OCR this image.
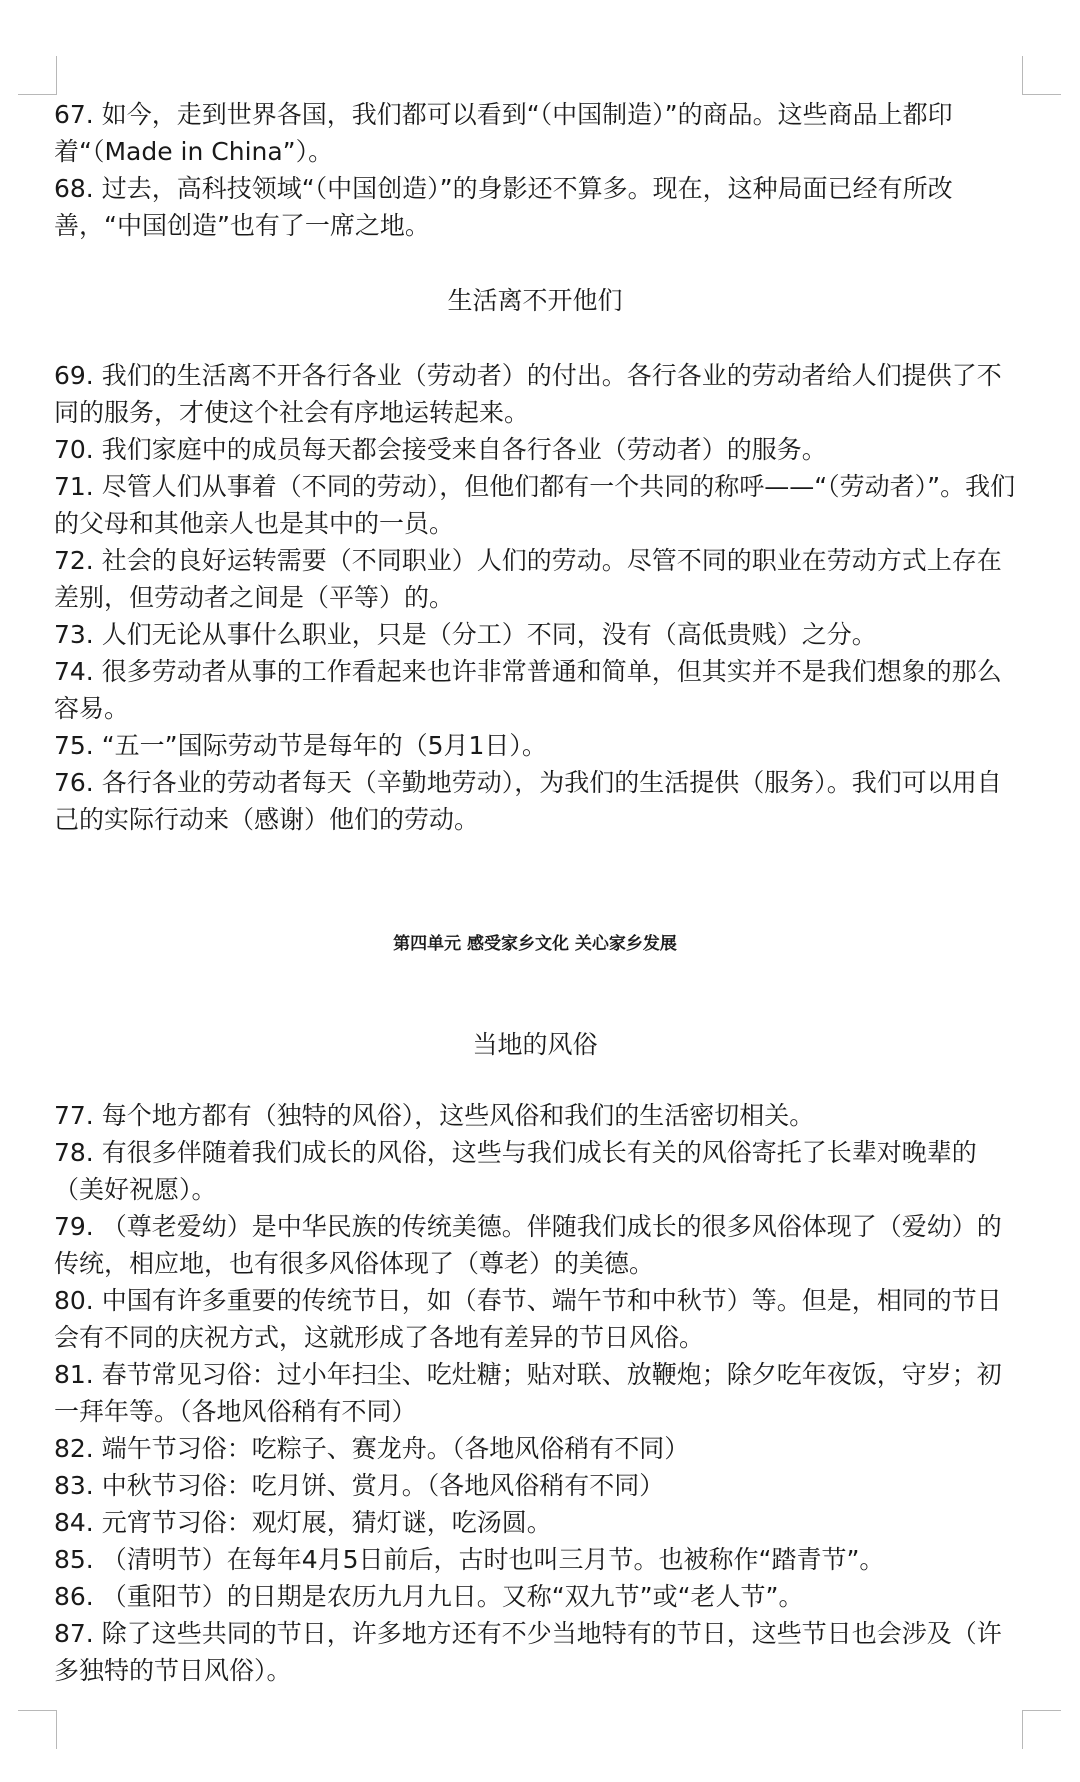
67. 如今，走到世界各国，我们都可以看到“（中国制造）”的商品。这些商品上都印着“（Made in China”）。

68. 过去，高科技领域“（中国创造）”的身影还不算多。现在，这种局面已经有所改善，“中国创造”也有了一席之地。

生活离不开他们

69. 我们的生活离不开各行各业（劳动者）的付出。各行各业的劳动者给人们提供了不同的服务，才使这个社会有序地运转起来。

70. 我们家庭中的成员每天都会接受来自各行各业（劳动者）的服务。

71. 尽管人们从事着（不同的劳动），但他们都有一个共同的称呼——“（劳动者）”。我们的父母和其他亲人也是其中的一员。

72. 社会的良好运转需要（不同职业）人们的劳动。尽管不同的职业在劳动方式上存在差别，但劳动者之间是（平等）的。

73. 人们无论从事什么职业，只是（分工）不同，没有（高低贵贱）之分。

74. 很多劳动者从事的工作看起来也许非常普通和简单，但其实并不是我们想象的那么容易。

75. “五一”国际劳动节是每年的（5月1日）。

76. 各行各业的劳动者每天（辛勤地劳动），为我们的生活提供（服务）。我们可以用自己的实际行动来（感谢）他们的劳动。

第四单元 感受家乡文化 关心家乡发展

当地的风俗

77. 每个地方都有（独特的风俗），这些风俗和我们的生活密切相关。

78. 有很多伴随着我们成长的风俗，这些与我们成长有关的风俗寄托了长辈对晚辈的（美好祝愿）。

79. （尊老爱幼）是中华民族的传统美德。伴随我们成长的很多风俗体现了（爱幼）的传统，相应地，也有很多风俗体现了（尊老）的美德。

80. 中国有许多重要的传统节日，如（春节、端午节和中秋节）等。但是，相同的节日会有不同的庆祝方式，这就形成了各地有差异的节日风俗。

81. 春节常见习俗：过小年扫尘、吃灶糖；贴对联、放鞭炮；除夕吃年夜饭，守岁；初一拜年等。（各地风俗稍有不同）

82. 端午节习俗：吃粽子、赛龙舟。（各地风俗稍有不同）

83. 中秋节习俗：吃月饼、赏月。（各地风俗稍有不同）

84. 元宵节习俗：观灯展，猜灯谜，吃汤圆。

85. （清明节）在每年4月5日前后，古时也叫三月节。也被称作“踏青节”。

86. （重阳节）的日期是农历九月九日。又称“双九节”或“老人节”。

87. 除了这些共同的节日，许多地方还有不少当地特有的节日，这些节日也会涉及（许多独特的节日风俗）。
